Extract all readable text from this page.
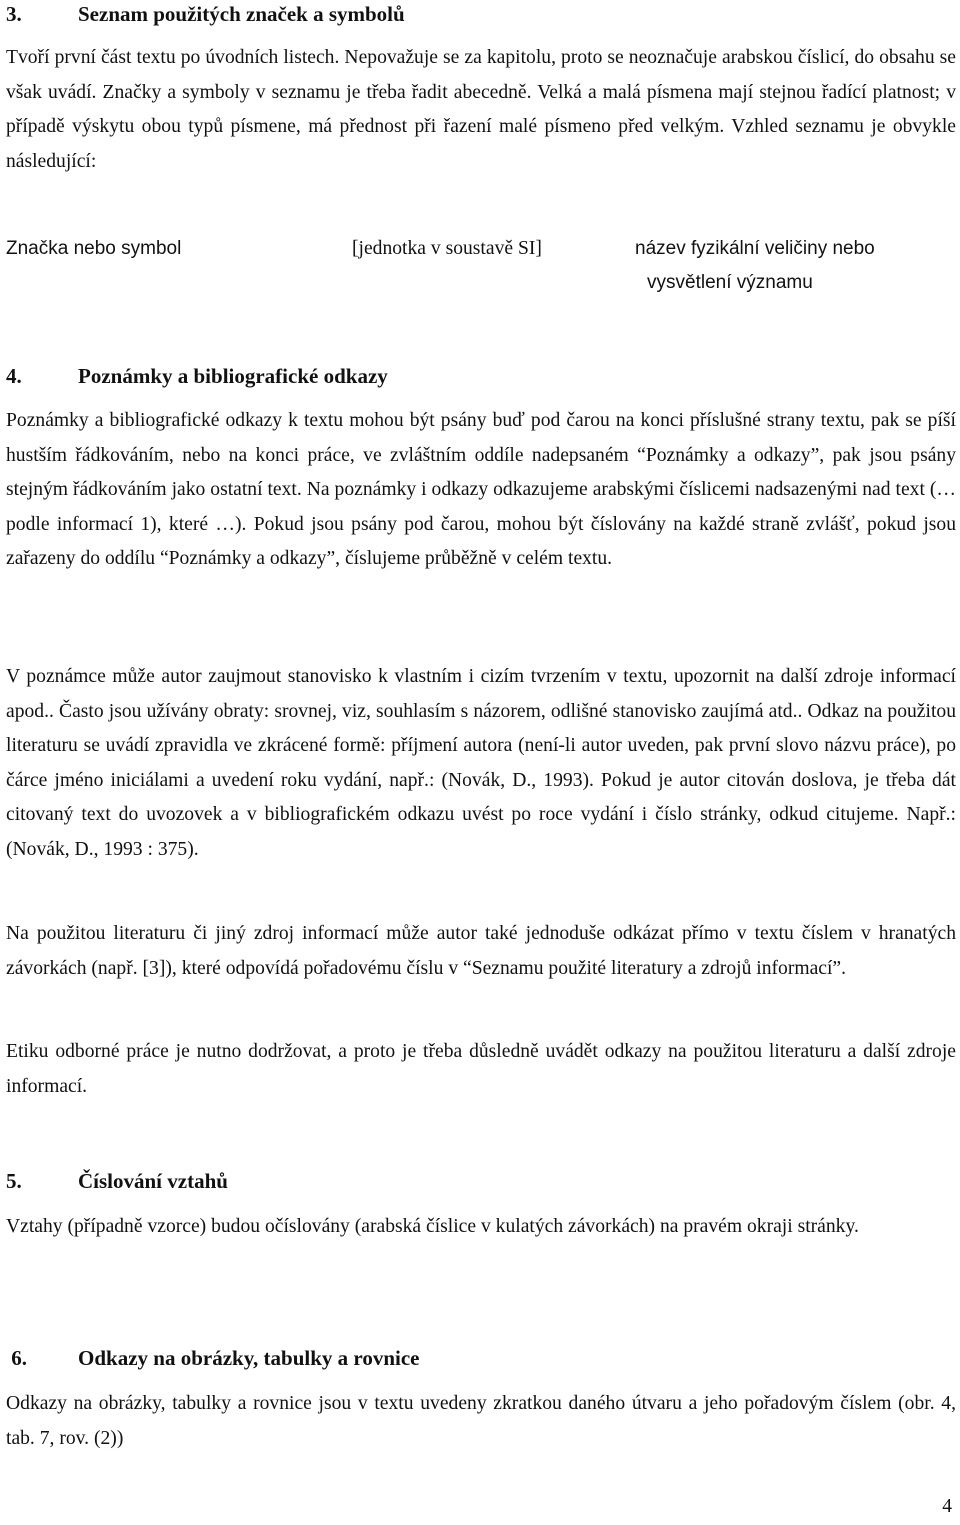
3.	Seznam použitých značek a symbolů
Tvoří první část textu po úvodních listech. Nepovažuje se za kapitolu, proto se neoznačuje arabskou číslicí, do obsahu se však uvádí. Značky a symboly v seznamu je třeba řadit abecedně. Velká a malá písmena mají stejnou řadící platnost; v případě výskytu obou typů písmene, má přednost při řazení malé písmeno před velkým. Vzhled seznamu je obvykle následující:
Značka nebo symbol	[jednotka v soustavě SI]	název fyzikální veličiny nebo
vysvětlení významu
4.	Poznámky a bibliografické odkazy
Poznámky a bibliografické odkazy k textu mohou být psány buď pod čarou na konci příslušné strany textu, pak se píší hustším řádkováním, nebo na konci práce, ve zvláštním oddíle nadepsaném “Poznámky a odkazy”, pak jsou psány stejným řádkováním jako ostatní text. Na poznámky i odkazy odkazujeme arabskými číslicemi nadsazenými nad text (… podle informací 1), které …). Pokud jsou psány pod čarou, mohou být číslovány na každé straně zvlášť, pokud jsou zařazeny do oddílu “Poznámky a odkazy”, číslujeme průběžně v celém textu.
V poznámce může autor zaujmout stanovisko k vlastním i cizím tvrzením v textu, upozornit na další zdroje informací apod.. Často jsou užívány obraty: srovnej, viz, souhlasím s názorem, odlišné stanovisko zaujímá atd.. Odkaz na použitou literaturu se uvádí zpravidla ve zkrácené formě: příjmení autora (není-li autor uveden, pak první slovo názvu práce), po čárce jméno iniciálami a uvedení roku vydání, např.: (Novák, D., 1993). Pokud je autor citován doslova, je třeba dát citovaný text do uvozovek a v bibliografickém odkazu uvést po roce vydání i číslo stránky, odkud citujeme. Např.: (Novák, D., 1993 : 375).
Na použitou literaturu či jiný zdroj informací může autor také jednoduše odkázat přímo v textu číslem v hranatých závorkách (např. [3]), které odpovídá pořadovému číslu v “Seznamu použité literatury a zdrojů informací”.
Etiku odborné práce je nutno dodržovat, a proto je třeba důsledně uvádět odkazy na použitou literaturu a další zdroje informací.
5.	Číslování vztahů
Vztahy (případně vzorce) budou očíslovány (arabská číslice v kulatých závorkách) na pravém okraji stránky.
6. Odkazy na obrázky, tabulky a rovnice
Odkazy na obrázky, tabulky a rovnice jsou v textu uvedeny zkratkou daného útvaru a jeho pořadovým číslem (obr. 4, tab. 7, rov. (2))
4
